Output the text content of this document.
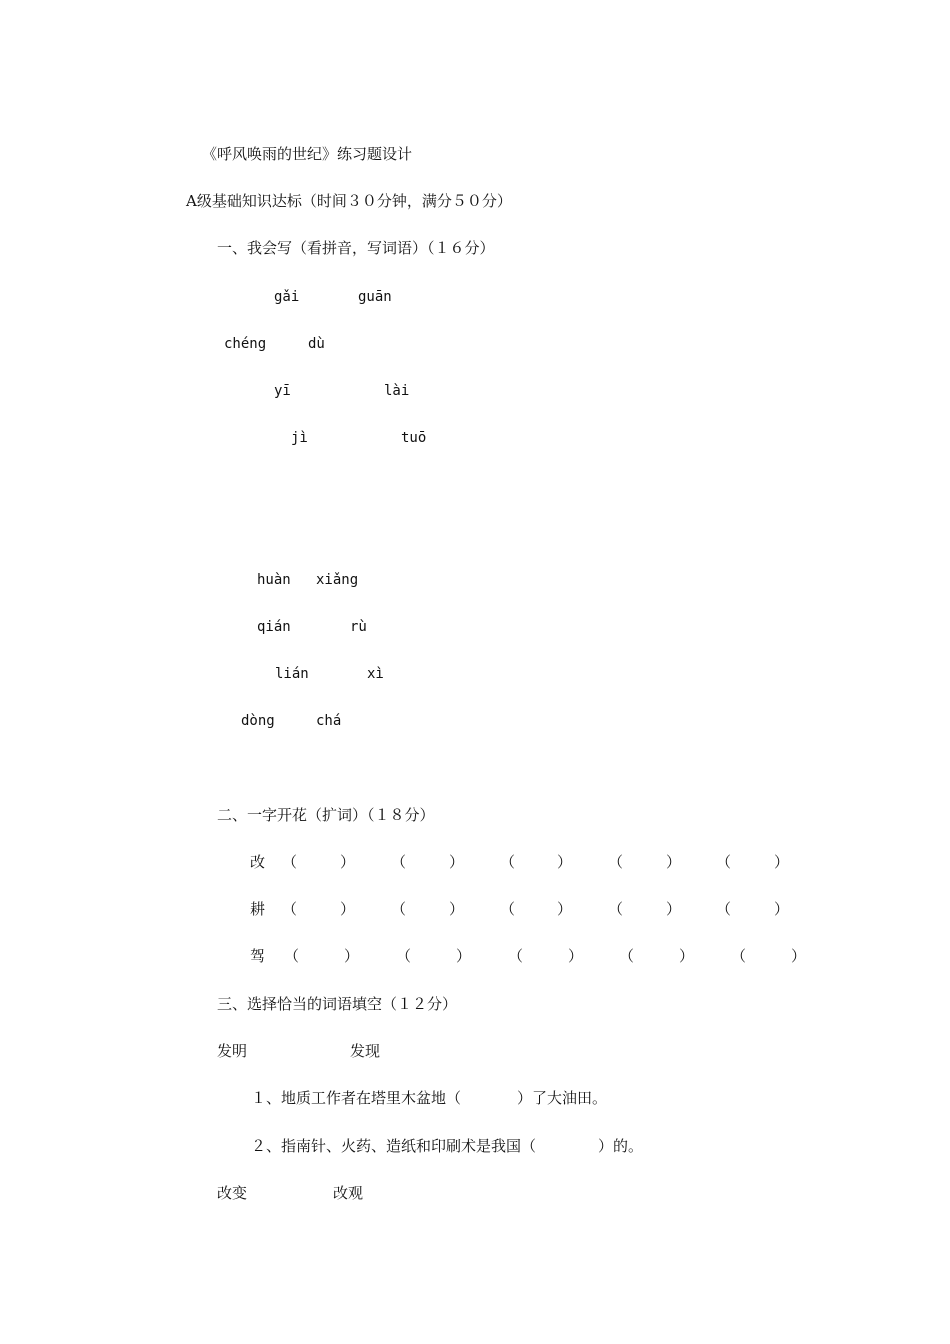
《呼风唤雨的世纪》练习题设计
A级基础知识达标（时间３０分钟，满分５０分）
一、我会写（看拼音，写词语）（１６分）
gǎi	guān
chéng	dù
yī	lài
jì	tuō
huàn xiǎng
qián	rù
lián	xì
dòng	chá
二、一字开花（扩词）（１８分）
改 （	） （	） （	） （	） （	）
耕 （	） （	） （	） （	） （	）
驾 （	） （	） （	） （	） （	）
三、选择恰当的词语填空（１２分）
发明	发现
１、地质工作者在塔里木盆地（	）了大油田。
２、指南针、火药、造纸和印刷术是我国（	）的。
改变	改观
